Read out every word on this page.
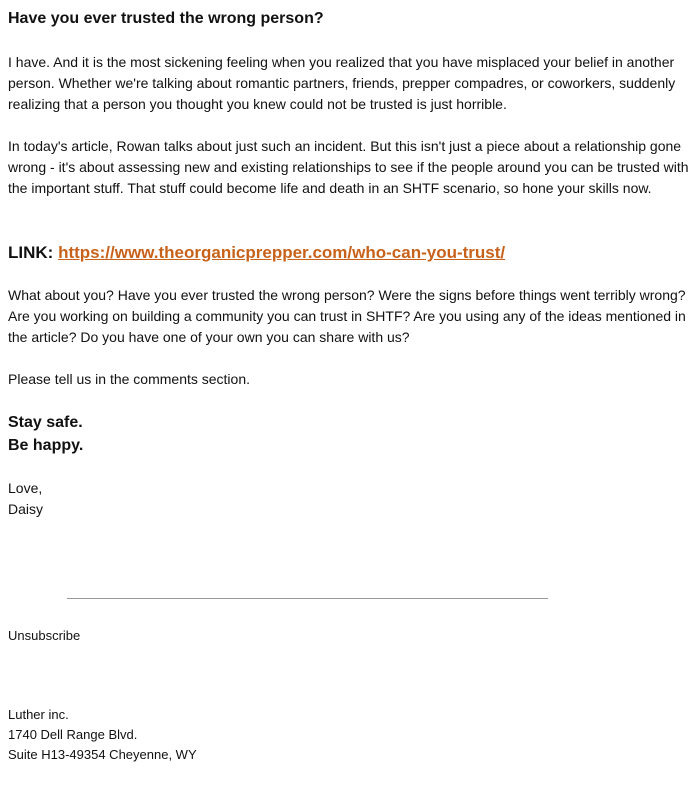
Have you ever trusted the wrong person?

I have. And it is the most sickening feeling when you realized that you have misplaced your belief in another person. Whether we're talking about romantic partners, friends, prepper compadres, or coworkers, suddenly realizing that a person you thought you knew could not be trusted is just horrible.

In today's article, Rowan talks about just such an incident. But this isn't just a piece about a relationship gone wrong - it's about assessing new and existing relationships to see if the people around you can be trusted with the important stuff. That stuff could become life and death in an SHTF scenario, so hone your skills now.

LINK: https://www.theorganicprepper.com/who-can-you-trust/

What about you? Have you ever trusted the wrong person? Were the signs before things went terribly wrong? Are you working on building a community you can trust in SHTF? Are you using any of the ideas mentioned in the article? Do you have one of your own you can share with us?

Please tell us in the comments section.

Stay safe.
Be happy.

Love,
Daisy

Unsubscribe

Luther inc.
1740 Dell Range Blvd.
Suite H13-49354 Cheyenne, WY
